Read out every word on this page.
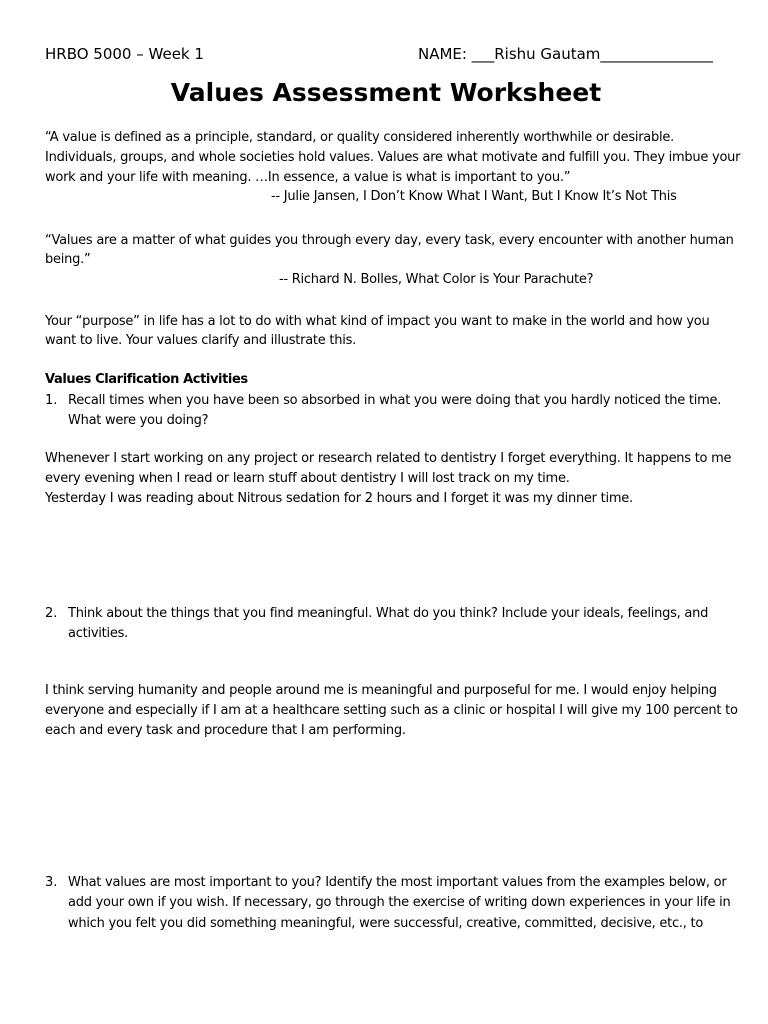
HRBO 5000 – Week 1	NAME: ___Rishu Gautam_______________
Values Assessment Worksheet
“A value is defined as a principle, standard, or quality considered inherently worthwhile or desirable.
Individuals, groups, and whole societies hold values. Values are what motivate and fulfill you. They imbue your
work and your life with meaning. …In essence, a value is what is important to you.”
-- Julie Jansen, I Don’t Know What I Want, But I Know It’s Not This
“Values are a matter of what guides you through every day, every task, every encounter with another human
being.”
-- Richard N. Bolles, What Color is Your Parachute?
Your “purpose” in life has a lot to do with what kind of impact you want to make in the world and how you
want to live. Your values clarify and illustrate this.
Values Clarification Activities
1. Recall times when you have been so absorbed in what you were doing that you hardly noticed the time.
What were you doing?
Whenever I start working on any project or research related to dentistry I forget everything. It happens to me
every evening when I read or learn stuff about dentistry I will lost track on my time.
Yesterday I was reading about Nitrous sedation for 2 hours and I forget it was my dinner time.
2. Think about the things that you find meaningful. What do you think? Include your ideals, feelings, and
activities.
I think serving humanity and people around me is meaningful and purposeful for me. I would enjoy helping
everyone and especially if I am at a healthcare setting such as a clinic or hospital I will give my 100 percent to
each and every task and procedure that I am performing.
3. What values are most important to you? Identify the most important values from the examples below, or
add your own if you wish. If necessary, go through the exercise of writing down experiences in your life in
which you felt you did something meaningful, were successful, creative, committed, decisive, etc., to
